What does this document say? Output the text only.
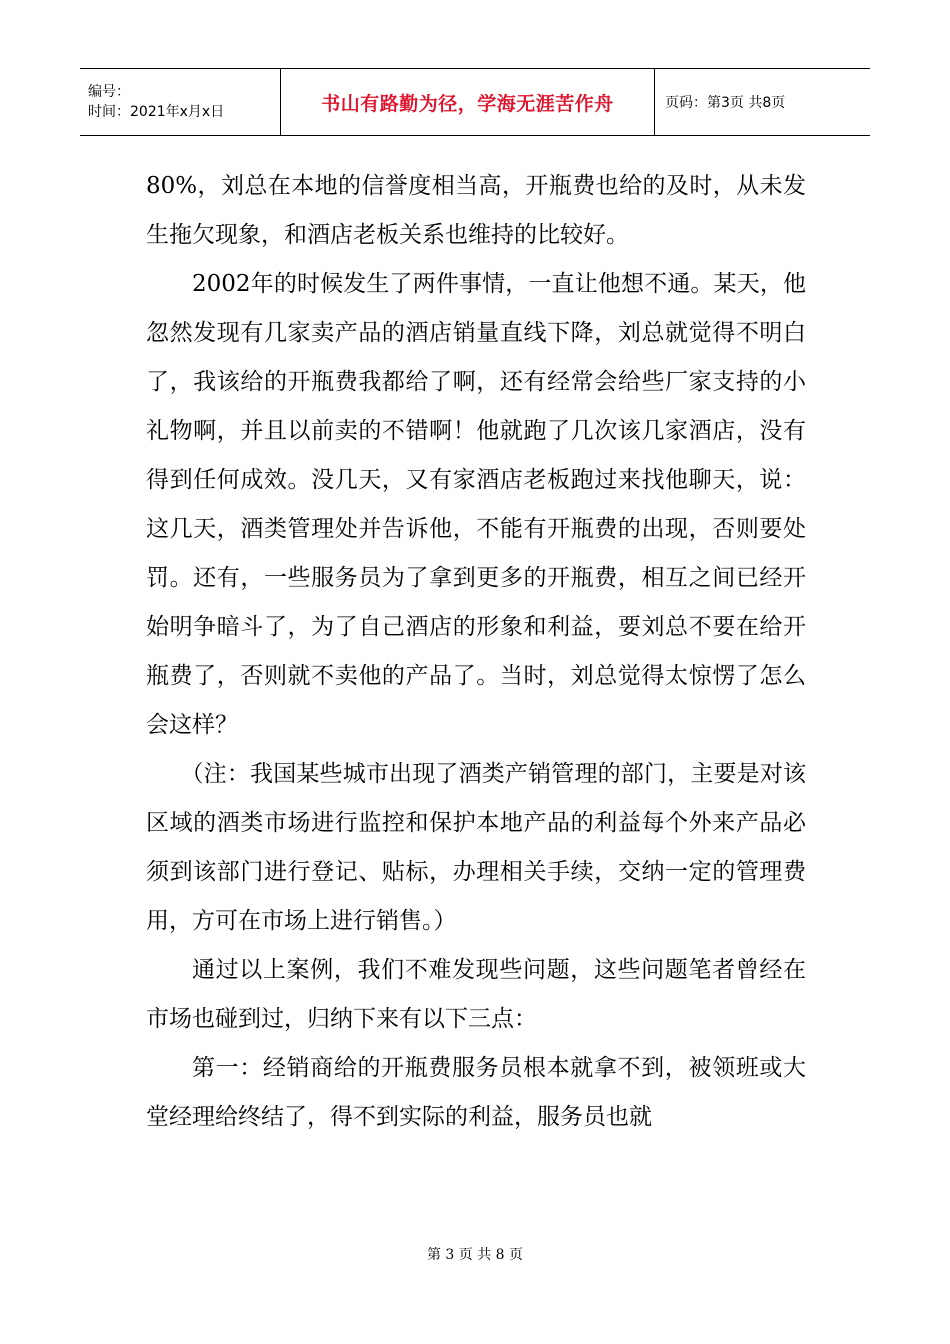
编号：
时间：2021年x月x日	书山有路勤为径，学海无涯苦作舟	页码：第3页 共8页

80%，刘总在本地的信誉度相当高，开瓶费也给的及时，从未发生拖欠现象，和酒店老板关系也维持的比较好。

2002年的时候发生了两件事情，一直让他想不通。某天，他忽然发现有几家卖产品的酒店销量直线下降，刘总就觉得不明白了，我该给的开瓶费我都给了啊，还有经常会给些厂家支持的小礼物啊，并且以前卖的不错啊！他就跑了几次该几家酒店，没有得到任何成效。没几天，又有家酒店老板跑过来找他聊天，说：这几天，酒类管理处并告诉他，不能有开瓶费的出现，否则要处罚。还有，一些服务员为了拿到更多的开瓶费，相互之间已经开始明争暗斗了，为了自己酒店的形象和利益，要刘总不要在给开瓶费了，否则就不卖他的产品了。当时，刘总觉得太惊愣了怎么会这样？

（注：我国某些城市出现了酒类产销管理的部门，主要是对该区域的酒类市场进行监控和保护本地产品的利益每个外来产品必须到该部门进行登记、贴标，办理相关手续，交纳一定的管理费用，方可在市场上进行销售。）

通过以上案例，我们不难发现些问题，这些问题笔者曾经在市场也碰到过，归纳下来有以下三点：

第一：经销商给的开瓶费服务员根本就拿不到，被领班或大堂经理给终结了，得不到实际的利益，服务员也就

第 3 页 共 8 页
